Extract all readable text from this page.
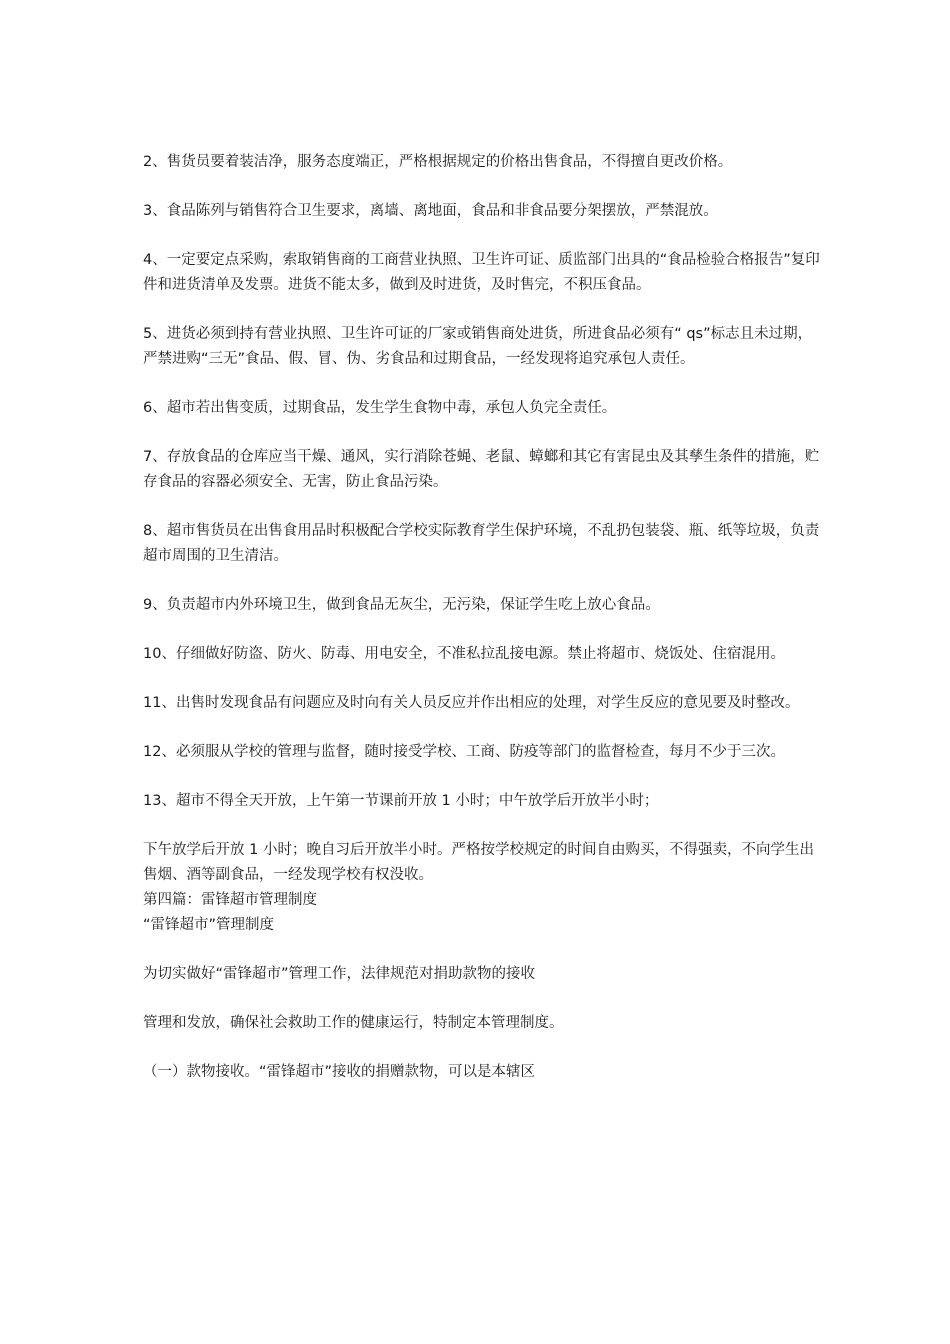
2、售货员要着装洁净，服务态度端正，严格根据规定的价格出售食品，不得擅自更改价格。

3、食品陈列与销售符合卫生要求，离墙、离地面，食品和非食品要分架摆放，严禁混放。

4、一定要定点采购，索取销售商的工商营业执照、卫生许可证、质监部门出具的“食品检验合格报告”复印件和进货清单及发票。进货不能太多，做到及时进货，及时售完，不积压食品。

5、进货必须到持有营业执照、卫生许可证的厂家或销售商处进货，所进食品必须有“ qs”标志且未过期，严禁进购“三无”食品、假、冒、伪、劣食品和过期食品，一经发现将追究承包人责任。

6、超市若出售变质，过期食品，发生学生食物中毒，承包人负完全责任。

7、存放食品的仓库应当干燥、通风，实行消除苍蝇、老鼠、蟑螂和其它有害昆虫及其孳生条件的措施，贮存食品的容器必须安全、无害，防止食品污染。

8、超市售货员在出售食用品时积极配合学校实际教育学生保护环境，不乱扔包装袋、瓶、纸等垃圾，负责超市周围的卫生清洁。

9、负责超市内外环境卫生，做到食品无灰尘，无污染，保证学生吃上放心食品。

10、仔细做好防盗、防火、防毒、用电安全，不准私拉乱接电源。禁止将超市、烧饭处、住宿混用。

11、出售时发现食品有问题应及时向有关人员反应并作出相应的处理，对学生反应的意见要及时整改。

12、必须服从学校的管理与监督，随时接受学校、工商、防疫等部门的监督检查，每月不少于三次。

13、超市不得全天开放，上午第一节课前开放 1 小时；中午放学后开放半小时；

下午放学后开放 1 小时；晚自习后开放半小时。严格按学校规定的时间自由购买，不得强卖，不向学生出售烟、酒等副食品，一经发现学校有权没收。

第四篇：雷锋超市管理制度

“雷锋超市”管理制度

为切实做好“雷锋超市”管理工作，法律规范对捐助款物的接收

管理和发放，确保社会救助工作的健康运行，特制定本管理制度。

（一）款物接收。“雷锋超市”接收的捐赠款物，可以是本辖区
